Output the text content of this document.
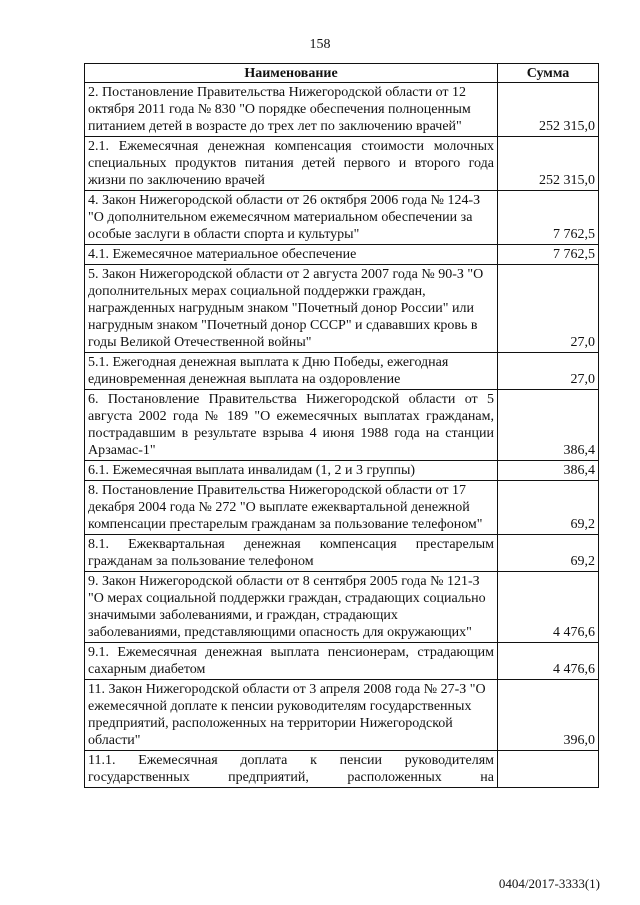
158
Наименование	Сумма
2. Постановление Правительства Нижегородской области от 12 октября 2011 года № 830 "О порядке обеспечения полноценным питанием детей в возрасте до трех лет по заключению врачей"	252 315,0
2.1. Ежемесячная денежная компенсация стоимости молочных специальных продуктов питания детей первого и второго года жизни по заключению врачей	252 315,0
4. Закон Нижегородской области от 26 октября 2006 года № 124-З "О дополнительном ежемесячном материальном обеспечении за особые заслуги в области спорта и культуры"	7 762,5
4.1. Ежемесячное материальное обеспечение	7 762,5
5. Закон Нижегородской области от 2 августа 2007 года № 90-З "О дополнительных мерах социальной поддержки граждан, награжденных нагрудным знаком "Почетный донор России" или нагрудным знаком "Почетный донор СССР" и сдававших кровь в годы Великой Отечественной войны"	27,0
5.1. Ежегодная денежная выплата к Дню Победы, ежегодная единовременная денежная выплата на оздоровление	27,0
6. Постановление Правительства Нижегородской области от 5 августа 2002 года № 189 "О ежемесячных выплатах гражданам, пострадавшим в результате взрыва 4 июня 1988 года на станции Арзамас-1"	386,4
6.1. Ежемесячная выплата инвалидам (1, 2 и 3 группы)	386,4
8. Постановление Правительства Нижегородской области от 17 декабря 2004 года № 272 "О выплате ежеквартальной денежной компенсации престарелым гражданам за пользование телефоном"	69,2
8.1. Ежеквартальная денежная компенсация престарелым гражданам за пользование телефоном	69,2
9. Закон Нижегородской области от 8 сентября 2005 года № 121-З "О мерах социальной поддержки граждан, страдающих социально значимыми заболеваниями, и граждан, страдающих заболеваниями, представляющими опасность для окружающих"	4 476,6
9.1. Ежемесячная денежная выплата пенсионерам, страдающим сахарным диабетом	4 476,6
11. Закон Нижегородской области от 3 апреля 2008 года № 27-З "О ежемесячной доплате к пенсии руководителям государственных предприятий, расположенных на территории Нижегородской области"	396,0
11.1. Ежемесячная доплата к пенсии руководителям государственных предприятий, расположенных на	
0404/2017-3333(1)
